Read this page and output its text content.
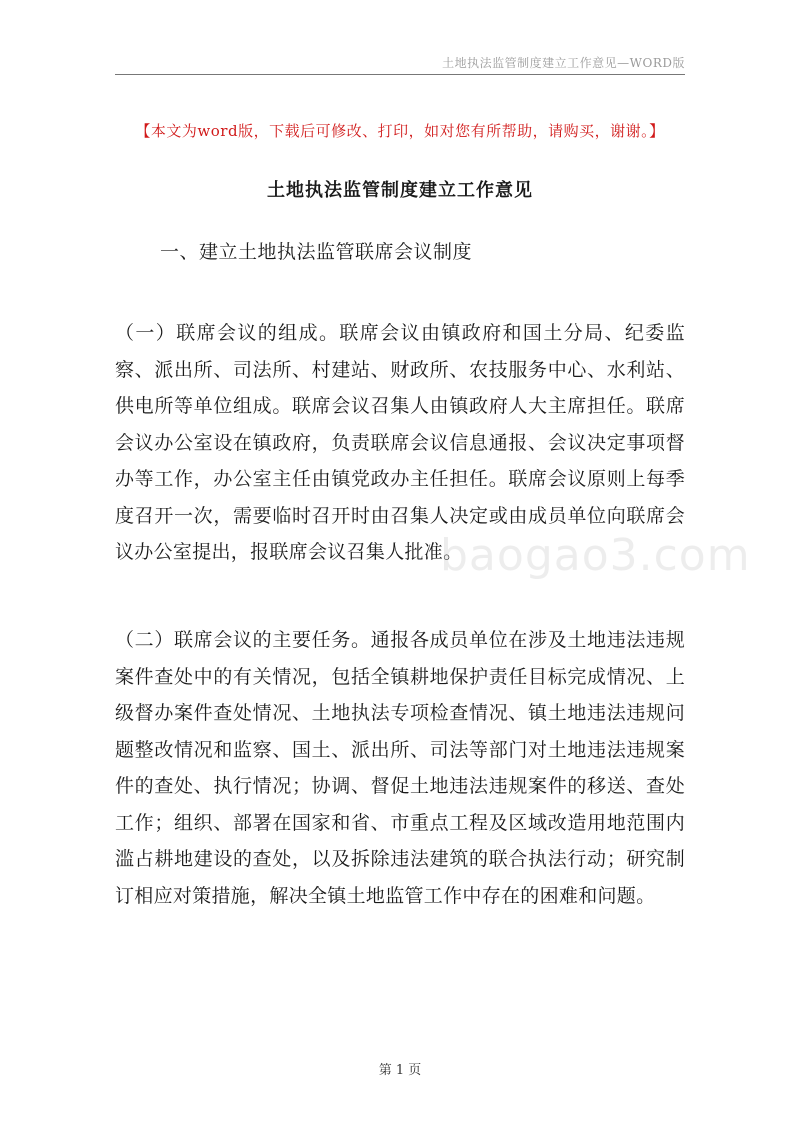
土地执法监管制度建立工作意见—WORD版
【本文为word版，下载后可修改、打印，如对您有所帮助，请购买，谢谢。】
土地执法监管制度建立工作意见
一、建立土地执法监管联席会议制度

（一）联席会议的组成。联席会议由镇政府和国土分局、纪委监察、派出所、司法所、村建站、财政所、农技服务中心、水利站、供电所等单位组成。联席会议召集人由镇政府人大主席担任。联席会议办公室设在镇政府，负责联席会议信息通报、会议决定事项督办等工作，办公室主任由镇党政办主任担任。联席会议原则上每季度召开一次，需要临时召开时由召集人决定或由成员单位向联席会议办公室提出，报联席会议召集人批准。

baogao3.com

（二）联席会议的主要任务。通报各成员单位在涉及土地违法违规案件查处中的有关情况，包括全镇耕地保护责任目标完成情况、上级督办案件查处情况、土地执法专项检查情况、镇土地违法违规问题整改情况和监察、国土、派出所、司法等部门对土地违法违规案件的查处、执行情况；协调、督促土地违法违规案件的移送、查处工作；组织、部署在国家和省、市重点工程及区域改造用地范围内滥占耕地建设的查处，以及拆除违法建筑的联合执法行动；研究制订相应对策措施，解决全镇土地监管工作中存在的困难和问题。

第 1 页
